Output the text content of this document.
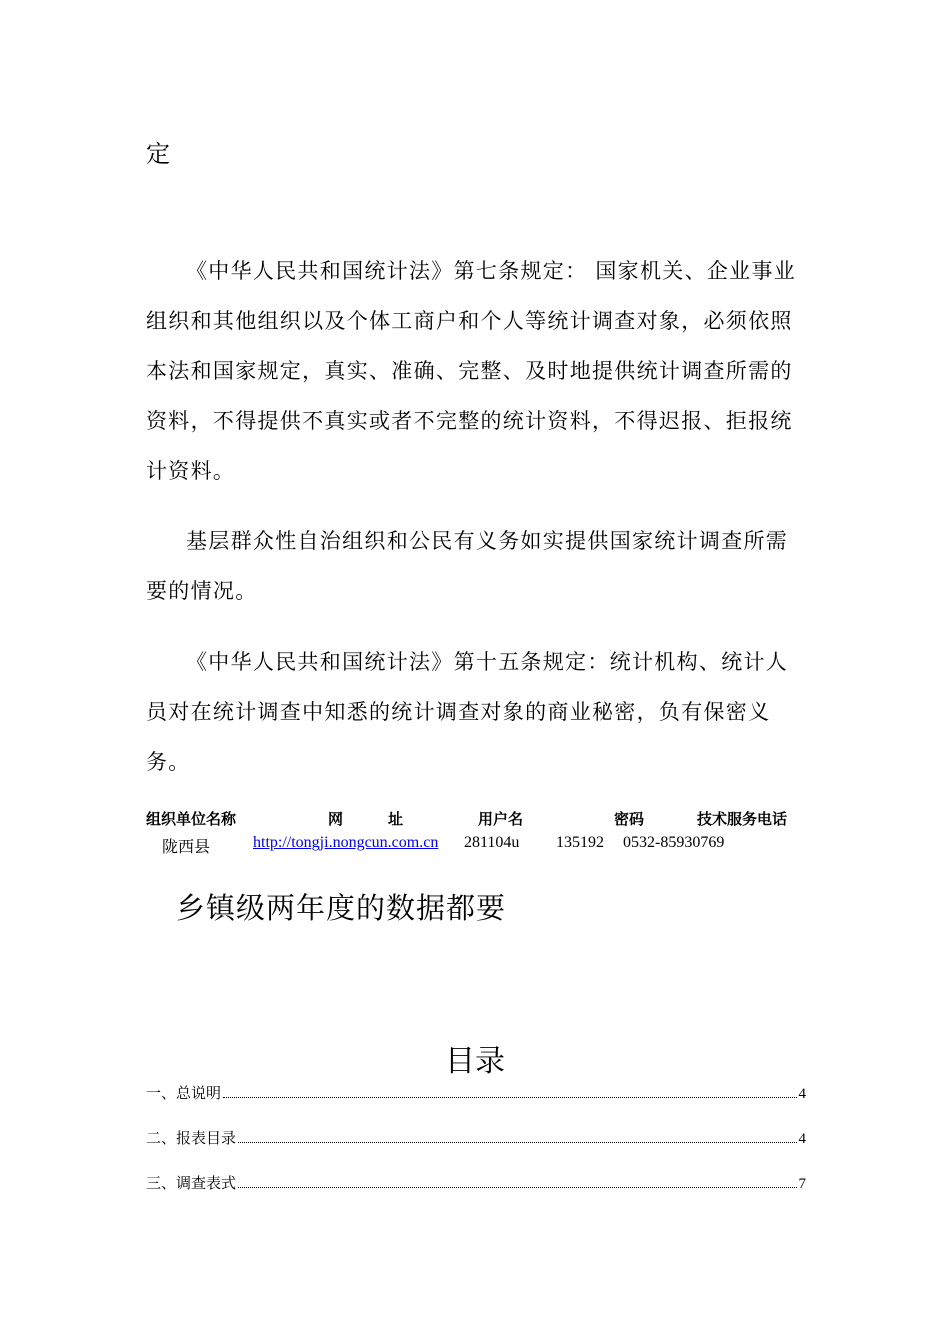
定

《中华人民共和国统计法》第七条规定： 国家机关、企业事业

组织和其他组织以及个体工商户和个人等统计调查对象，必须依照

本法和国家规定，真实、准确、完整、及时地提供统计调查所需的

资料，不得提供不真实或者不完整的统计资料，不得迟报、拒报统

计资料。

基层群众性自治组织和公民有义务如实提供国家统计调查所需

要的情况。

《中华人民共和国统计法》第十五条规定：统计机构、统计人

员对在统计调查中知悉的统计调查对象的商业秘密，负有保密义务。

组织单位名称	网	址	用户名	密码	技术服务电话
陇西县	http://tongji.nongcun.com.cn 281104u 135192 0532-85930769
乡镇级两年度的数据都要
目录
一、总说明	4
二、报表目录	4
三、调查表式	7
